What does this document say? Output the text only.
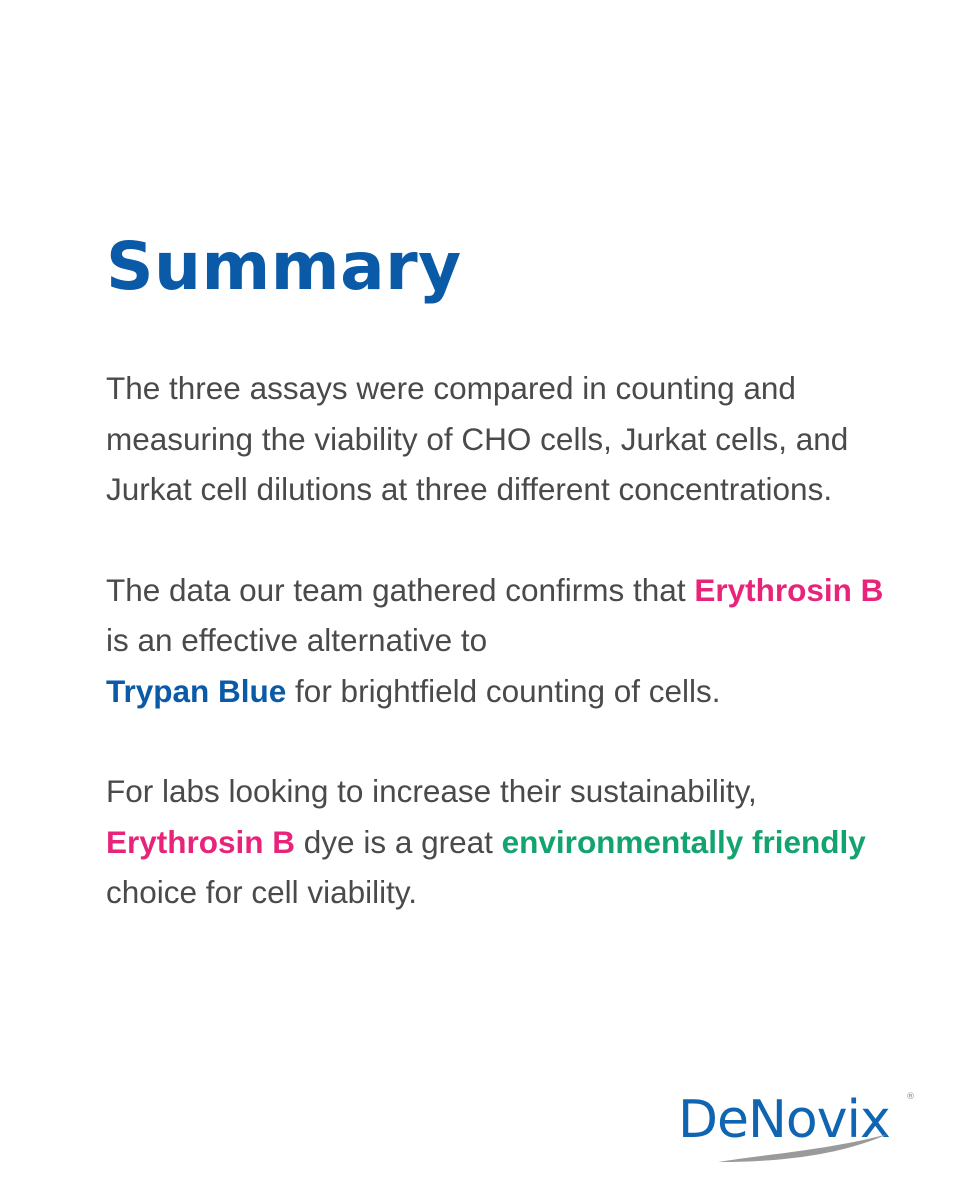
Summary

The three assays were compared in counting and measuring the viability of CHO cells, Jurkat cells, and Jurkat cell dilutions at three different concentrations.

The data our team gathered confirms that Erythrosin B is an effective alternative to
Trypan Blue for brightfield counting of cells.

For labs looking to increase their sustainability,
Erythrosin B dye is a great environmentally friendly choice for cell viability.

DeNovix ®
